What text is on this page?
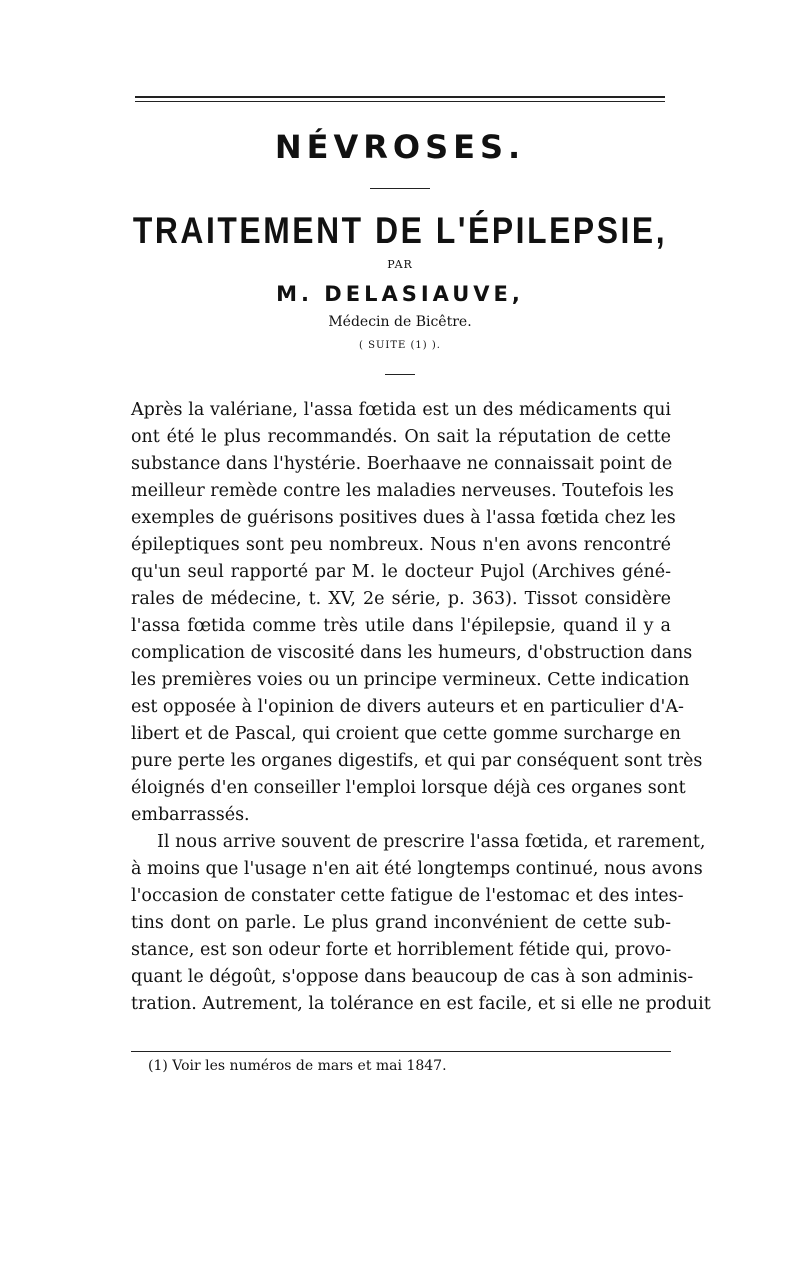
NÉVROSES.
TRAITEMENT DE L'ÉPILEPSIE,
PAR
M. DELASIAUVE,
Médecin de Bicêtre.
( SUITE (1) ).
Après la valériane, l'assa fœtida est un des médicaments qui
ont été le plus recommandés. On sait la réputation de cette
substance dans l'hystérie. Boerhaave ne connaissait point de
meilleur remède contre les maladies nerveuses. Toutefois les
exemples de guérisons positives dues à l'assa fœtida chez les
épileptiques sont peu nombreux. Nous n'en avons rencontré
qu'un seul rapporté par M. le docteur Pujol (Archives géné-
rales de médecine, t. XV, 2e série, p. 363). Tissot considère
l'assa fœtida comme très utile dans l'épilepsie, quand il y a
complication de viscosité dans les humeurs, d'obstruction dans
les premières voies ou un principe vermineux. Cette indication
est opposée à l'opinion de divers auteurs et en particulier d'A-
libert et de Pascal, qui croient que cette gomme surcharge en
pure perte les organes digestifs, et qui par conséquent sont très
éloignés d'en conseiller l'emploi lorsque déjà ces organes sont
embarrassés.
Il nous arrive souvent de prescrire l'assa fœtida, et rarement,
à moins que l'usage n'en ait été longtemps continué, nous avons
l'occasion de constater cette fatigue de l'estomac et des intes-
tins dont on parle. Le plus grand inconvénient de cette sub-
stance, est son odeur forte et horriblement fétide qui, provo-
quant le dégoût, s'oppose dans beaucoup de cas à son adminis-
tration. Autrement, la tolérance en est facile, et si elle ne produit
(1) Voir les numéros de mars et mai 1847.
